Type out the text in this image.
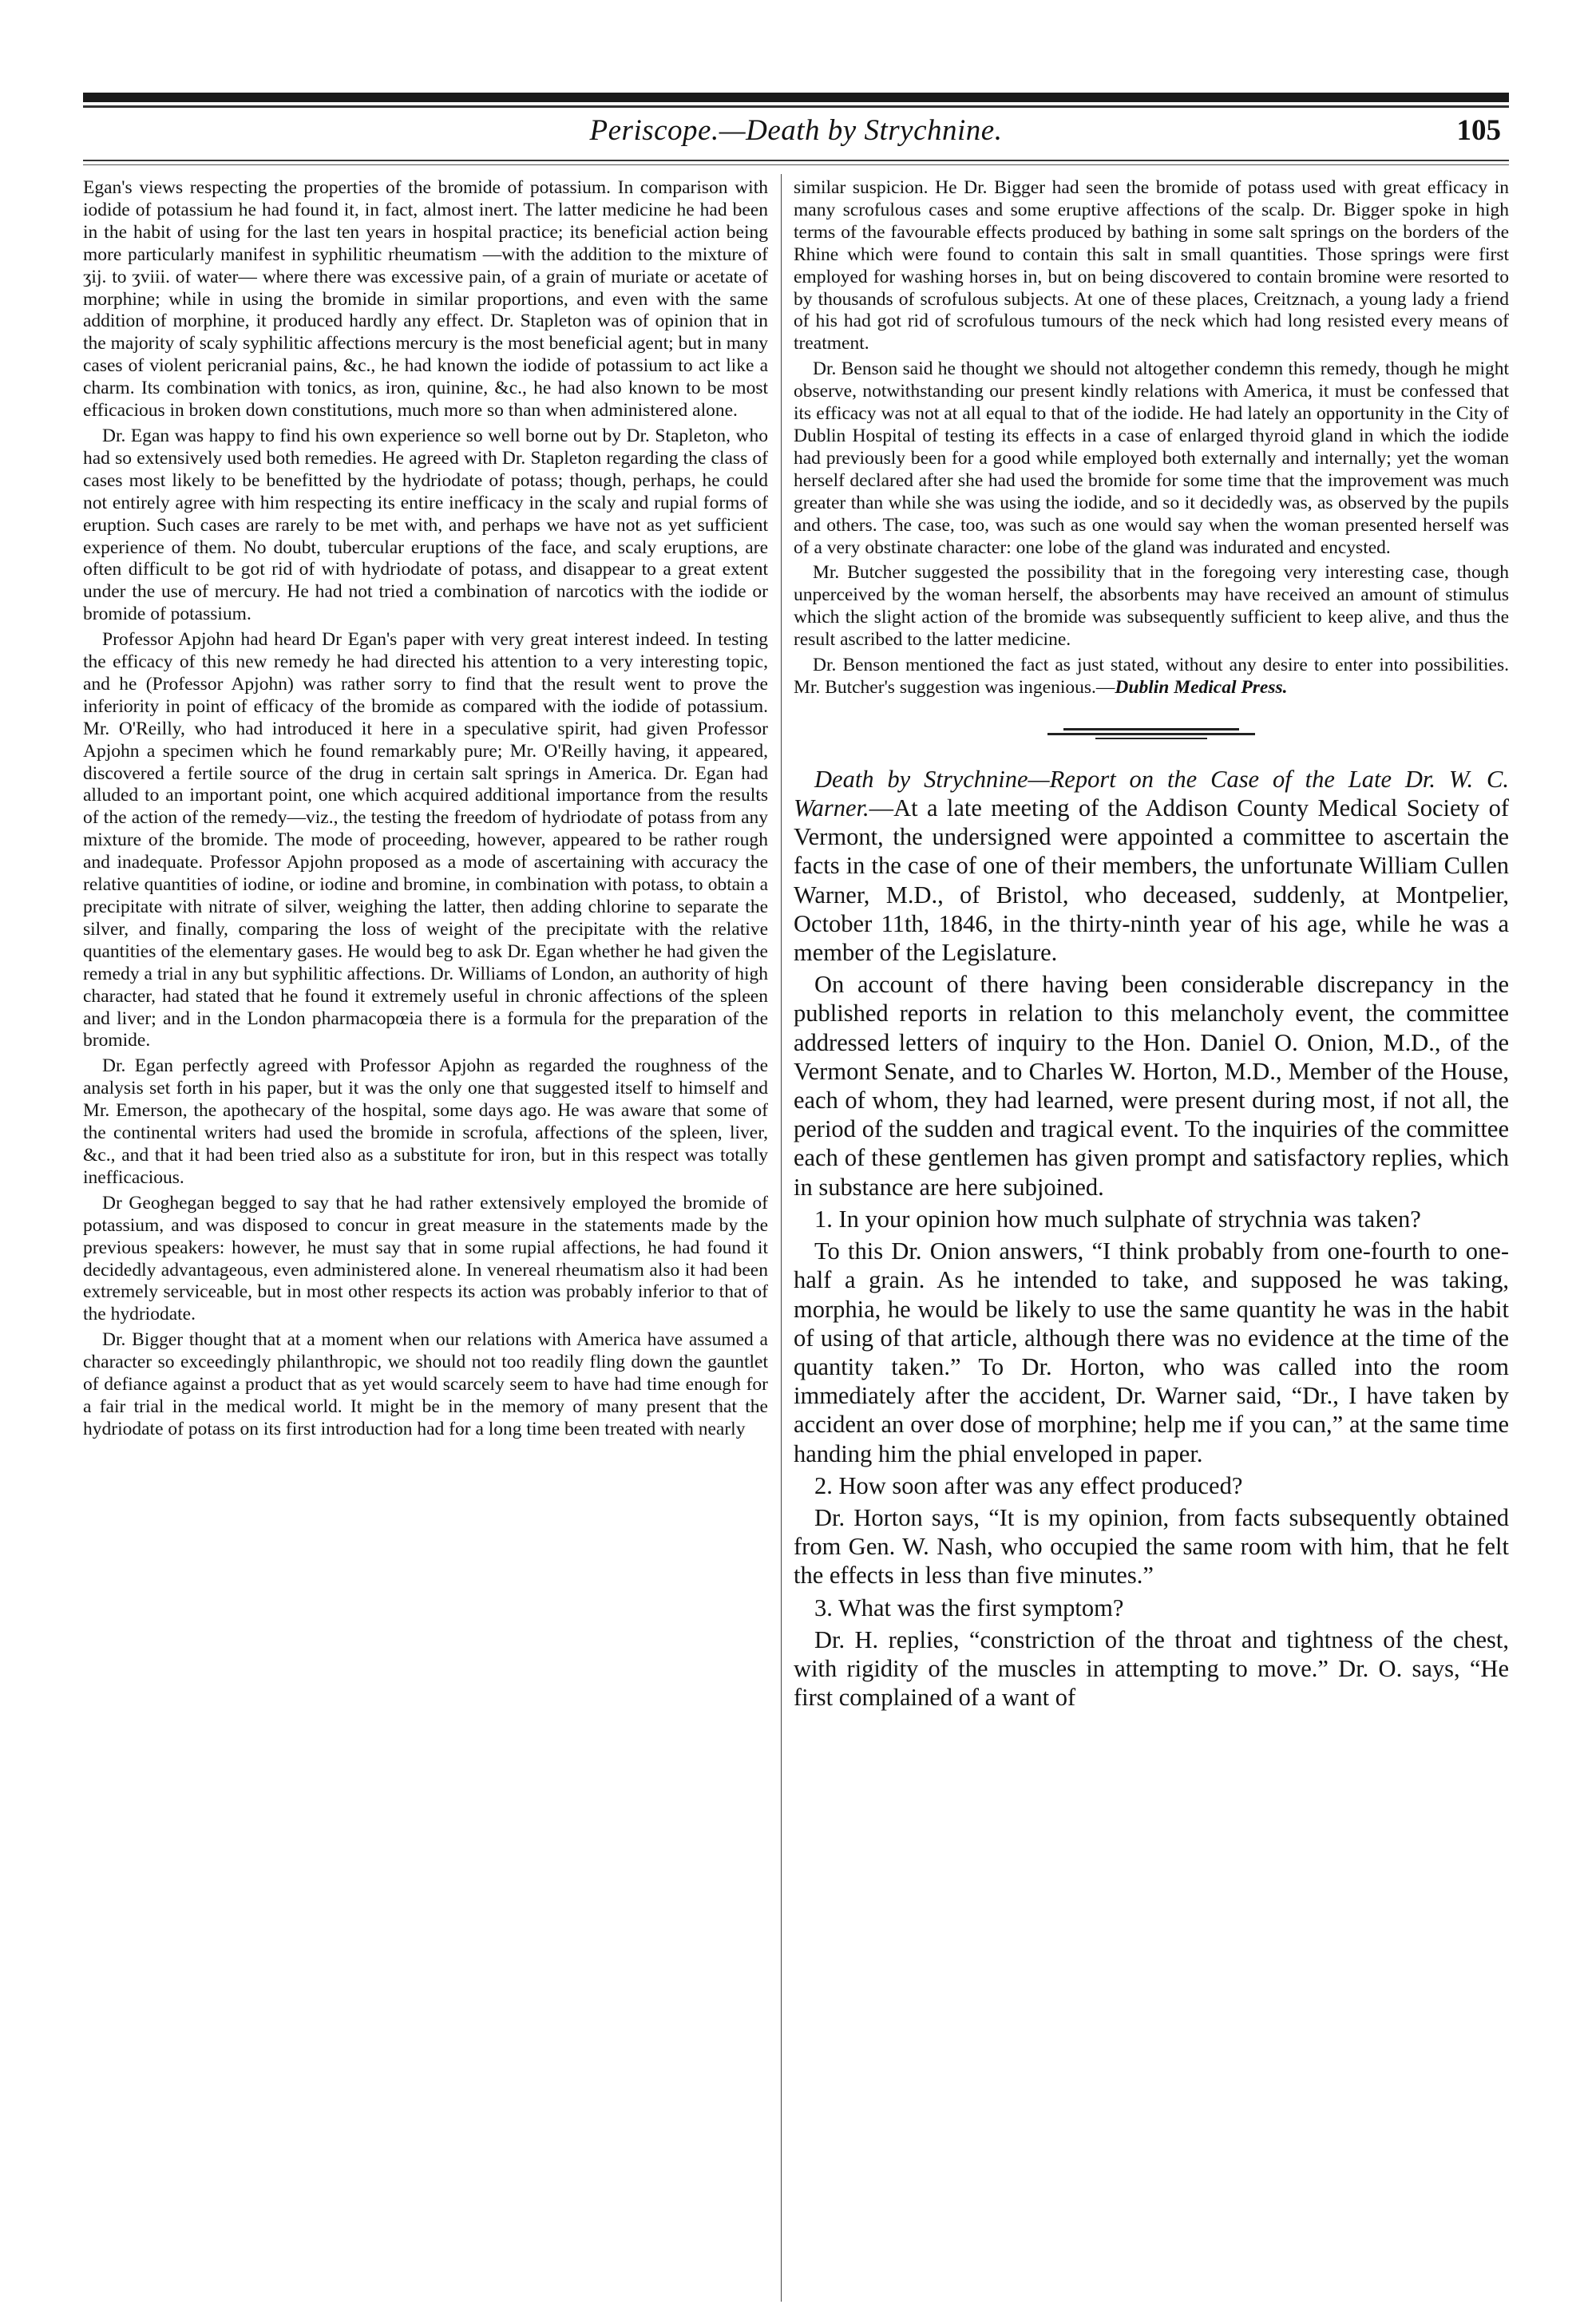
Periscope.—Death by Strychnine.	105

Egan's views respecting the properties of the bromide of potassium. In comparison with iodide of potassium he had found it, in fact, almost inert. The latter medicine he had been in the habit of using for the last ten years in hospital practice; its beneficial action being more particularly manifest in syphilitic rheumatism —with the addition to the mixture of ʒij. to ʒviii. of water— where there was excessive pain, of a grain of muriate or acetate of morphine; while in using the bromide in similar proportions, and even with the same addition of morphine, it produced hardly any effect. Dr. Stapleton was of opinion that in the majority of scaly syphilitic affections mercury is the most beneficial agent; but in many cases of violent pericranial pains, &c., he had known the iodide of potassium to act like a charm. Its combination with tonics, as iron, quinine, &c., he had also known to be most efficacious in broken down constitutions, much more so than when administered alone.

Dr. Egan was happy to find his own experience so well borne out by Dr. Stapleton, who had so extensively used both remedies. He agreed with Dr. Stapleton regarding the class of cases most likely to be benefitted by the hydriodate of potass; though, perhaps, he could not entirely agree with him respecting its entire inefficacy in the scaly and rupial forms of eruption. Such cases are rarely to be met with, and perhaps we have not as yet sufficient experience of them. No doubt, tubercular eruptions of the face, and scaly eruptions, are often difficult to be got rid of with hydriodate of potass, and disappear to a great extent under the use of mercury. He had not tried a combination of narcotics with the iodide or bromide of potassium.

Professor Apjohn had heard Dr Egan's paper with very great interest indeed. In testing the efficacy of this new remedy he had directed his attention to a very interesting topic, and he (Professor Apjohn) was rather sorry to find that the result went to prove the inferiority in point of efficacy of the bromide as compared with the iodide of potassium. Mr. O'Reilly, who had introduced it here in a speculative spirit, had given Professor Apjohn a specimen which he found remarkably pure; Mr. O'Reilly having, it appeared, discovered a fertile source of the drug in certain salt springs in America. Dr. Egan had alluded to an important point, one which acquired additional importance from the results of the action of the remedy—viz., the testing the freedom of hydriodate of potass from any mixture of the bromide. The mode of proceeding, however, appeared to be rather rough and inadequate. Professor Apjohn proposed as a mode of ascertaining with accuracy the relative quantities of iodine, or iodine and bromine, in combination with potass, to obtain a precipitate with nitrate of silver, weighing the latter, then adding chlorine to separate the silver, and finally, comparing the loss of weight of the precipitate with the relative quantities of the elementary gases. He would beg to ask Dr. Egan whether he had given the remedy a trial in any but syphilitic affections. Dr. Williams of London, an authority of high character, had stated that he found it extremely useful in chronic affections of the spleen and liver; and in the London pharmacopœia there is a formula for the preparation of the bromide.

Dr. Egan perfectly agreed with Professor Apjohn as regarded the roughness of the analysis set forth in his paper, but it was the only one that suggested itself to himself and Mr. Emerson, the apothecary of the hospital, some days ago. He was aware that some of the continental writers had used the bromide in scrofula, affections of the spleen, liver, &c., and that it had been tried also as a substitute for iron, but in this respect was totally inefficacious.

Dr Geoghegan begged to say that he had rather extensively employed the bromide of potassium, and was disposed to concur in great measure in the statements made by the previous speakers: however, he must say that in some rupial affections, he had found it decidedly advantageous, even administered alone. In venereal rheumatism also it had been extremely serviceable, but in most other respects its action was probably inferior to that of the hydriodate.

Dr. Bigger thought that at a moment when our relations with America have assumed a character so exceedingly philanthropic, we should not too readily fling down the gauntlet of defiance against a product that as yet would scarcely seem to have had time enough for a fair trial in the medical world. It might be in the memory of many present that the hydriodate of potass on its first introduction had for a long time been treated with nearly

similar suspicion. He Dr. Bigger had seen the bromide of potass used with great efficacy in many scrofulous cases and some eruptive affections of the scalp. Dr. Bigger spoke in high terms of the favourable effects produced by bathing in some salt springs on the borders of the Rhine which were found to contain this salt in small quantities. Those springs were first employed for washing horses in, but on being discovered to contain bromine were resorted to by thousands of scrofulous subjects. At one of these places, Creitznach, a young lady a friend of his had got rid of scrofulous tumours of the neck which had long resisted every means of treatment.

Dr. Benson said he thought we should not altogether condemn this remedy, though he might observe, notwithstanding our present kindly relations with America, it must be confessed that its efficacy was not at all equal to that of the iodide. He had lately an opportunity in the City of Dublin Hospital of testing its effects in a case of enlarged thyroid gland in which the iodide had previously been for a good while employed both externally and internally; yet the woman herself declared after she had used the bromide for some time that the improvement was much greater than while she was using the iodide, and so it decidedly was, as observed by the pupils and others. The case, too, was such as one would say when the woman presented herself was of a very obstinate character: one lobe of the gland was indurated and encysted.

Mr. Butcher suggested the possibility that in the foregoing very interesting case, though unperceived by the woman herself, the absorbents may have received an amount of stimulus which the slight action of the bromide was subsequently sufficient to keep alive, and thus the result ascribed to the latter medicine.

Dr. Benson mentioned the fact as just stated, without any desire to enter into possibilities. Mr. Butcher's suggestion was ingenious.—Dublin Medical Press.

Death by Strychnine—Report on the Case of the Late Dr. W. C. Warner.—At a late meeting of the Addison County Medical Society of Vermont, the undersigned were appointed a committee to ascertain the facts in the case of one of their members, the unfortunate William Cullen Warner, M.D., of Bristol, who deceased, suddenly, at Montpelier, October 11th, 1846, in the thirty-ninth year of his age, while he was a member of the Legislature.

On account of there having been considerable discrepancy in the published reports in relation to this melancholy event, the committee addressed letters of inquiry to the Hon. Daniel O. Onion, M.D., of the Vermont Senate, and to Charles W. Horton, M.D., Member of the House, each of whom, they had learned, were present during most, if not all, the period of the sudden and tragical event. To the inquiries of the committee each of these gentlemen has given prompt and satisfactory replies, which in substance are here subjoined.

1. In your opinion how much sulphate of strychnia was taken?

To this Dr. Onion answers, “I think probably from one-fourth to one-half a grain. As he intended to take, and supposed he was taking, morphia, he would be likely to use the same quantity he was in the habit of using of that article, although there was no evidence at the time of the quantity taken.” To Dr. Horton, who was called into the room immediately after the accident, Dr. Warner said, “Dr., I have taken by accident an over dose of morphine; help me if you can,” at the same time handing him the phial enveloped in paper.

2. How soon after was any effect produced?

Dr. Horton says, “It is my opinion, from facts subsequently obtained from Gen. W. Nash, who occupied the same room with him, that he felt the effects in less than five minutes.”

3. What was the first symptom?

Dr. H. replies, “constriction of the throat and tightness of the chest, with rigidity of the muscles in attempting to move.” Dr. O. says, “He first complained of a want of
